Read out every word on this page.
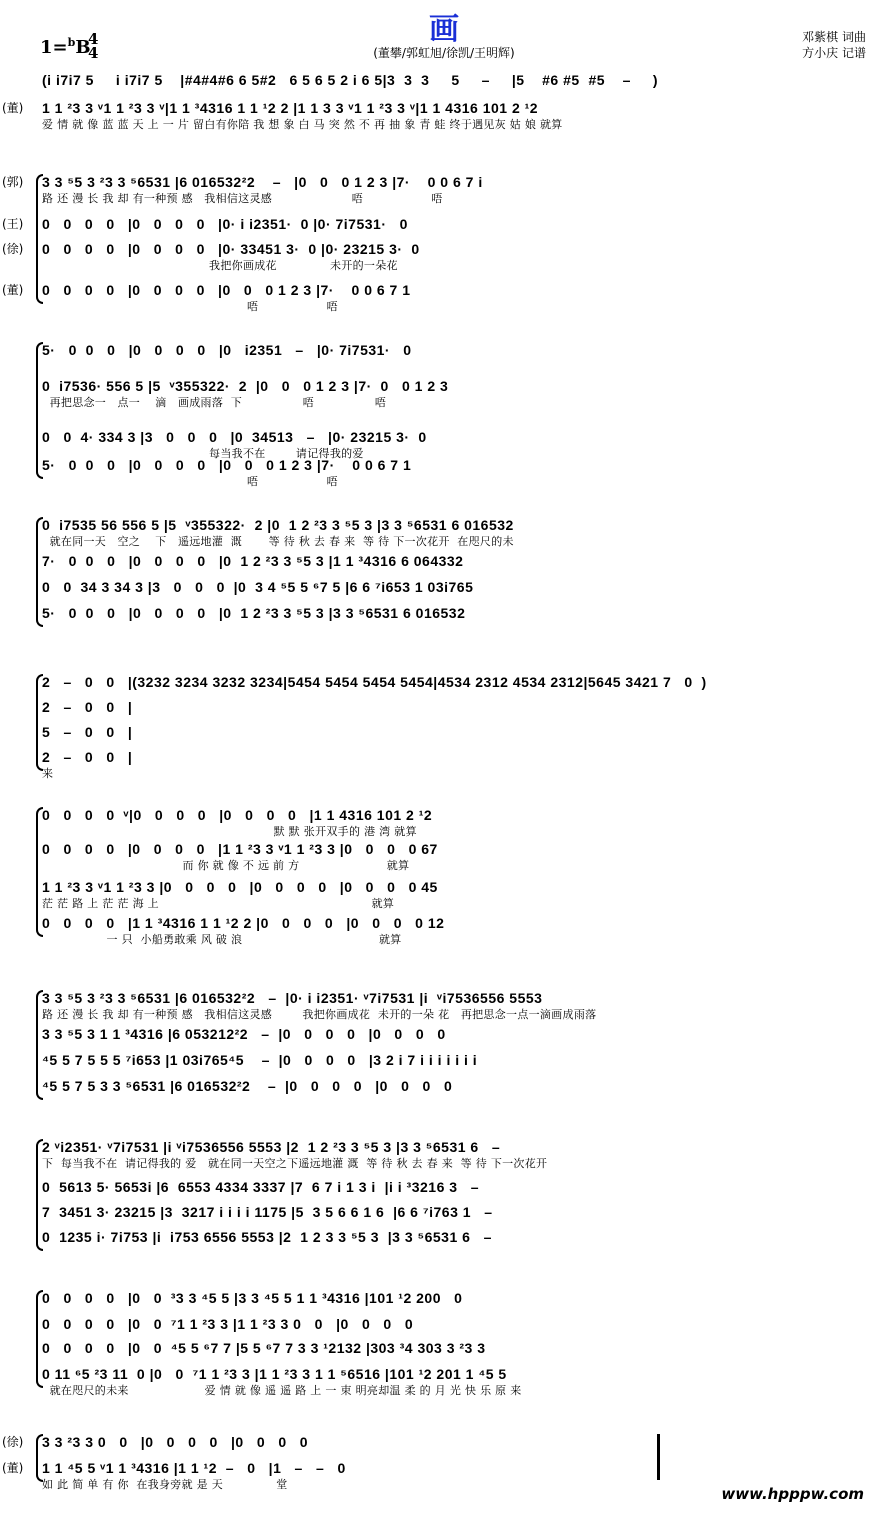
画
1=$^b$B
4
4	(董攀/郭虹旭/徐凯/王明辉)
邓紫棋 词曲
方小庆 记谱
(i i7i7 5     i i7i7 5    |#4#4#6 6 5#2   6 5 6 5 2 i 6 5|3  3  3     5     –     |5    #6 #5  #5    –     )
(董) 1 1 ²3 3 ᵛ1 1 ²3 3 ᵛ|1 1 ³4316 1 1 ¹2 2 |1 1 3 3 ᵛ1 1 ²3 3 ᵛ|1 1 4316 101 2 ¹2
爱 情 就 像 蓝 蓝 天 上 一 片 留白有你陪 我 想 象 白 马 突 然 不 再 抽 象 青 蛙 终于遇见灰 姑 娘 就算
(郭) 3 3 ⁵5 3 ²3 3 ⁵6531 |6 016532²2    –   |0   0   0 1 2 3 |7·    0 0 6 7 i
路 还 漫 长 我 却 有一种预 感   我相信这灵感                     唔                  唔
(王) 0   0   0   0   |0   0   0   0   |0· i i2351·  0 |0· 7i7531·   0
(徐) 0   0   0   0   |0   0   0   0   |0· 33451 3·  0 |0· 23215 3·  0
我把你画成花              未开的一朵花
(董) 0   0   0   0   |0   0   0   0   |0   0   0 1 2 3 |7·    0 0 6 7 1
唔                  唔
5·   0  0   0   |0   0   0   0   |0   i2351   –   |0· 7i7531·   0
0  i7536· 556 5 |5  ᵛ355322·  2  |0   0   0 1 2 3 |7·  0   0 1 2 3
再把思念一   点一    滴   画成雨落  下                唔                唔
0   0  4· 334 3 |3   0   0   0   |0  34513   –   |0· 23215 3·  0
每当我不在        请记得我的爱
5·   0  0   0   |0   0   0   0   |0   0   0 1 2 3 |7·    0 0 6 7 1
唔                  唔
0  i7535 56 556 5 |5  ᵛ355322·  2 |0  1 2 ²3 3 ⁵5 3 |3 3 ⁵6531 6 016532
就在同一天   空之    下   遥远地灌  溉       等 待 秋 去 春 来  等 待 下一次花开  在咫尺的未
7·   0  0   0   |0   0   0   0   |0  1 2 ²3 3 ⁵5 3 |1 1 ³4316 6 064332
0   0  34 3 34 3 |3   0   0   0  |0  3 4 ⁵5 5 ⁶7 5 |6 6 ⁷i653 1 03i765
5·   0  0   0   |0   0   0   0   |0  1 2 ²3 3 ⁵5 3 |3 3 ⁵6531 6 016532
2   –   0   0   |(3232 3234 3232 3234|5454 5454 5454 5454|4534 2312 4534 2312|5645 3421 7   0  )
2   –   0   0   |
5   –   0   0   |
2   –   0   0   |
来
0   0   0   0  ᵛ|0   0   0   0   |0   0   0   0   |1 1 4316 101 2 ¹2
默 默 张开双手的 港 湾 就算
0   0   0   0   |0   0   0   0   |1 1 ²3 3 ᵛ1 1 ²3 3 |0   0   0   0 67
而 你 就 像 不 远 前 方                       就算
1 1 ²3 3 ᵛ1 1 ²3 3 |0   0   0   0   |0   0   0   0   |0   0   0   0 45
茫 茫 路 上 茫 茫 海 上                                                        就算
0   0   0   0   |1 1 ³4316 1 1 ¹2 2 |0   0   0   0   |0   0   0   0 12
一 只  小船勇敢乘 风 破 浪                                    就算
3 3 ⁵5 3 ²3 3 ⁵6531 |6 016532²2   –  |0· i i2351· ᵛ7i7531 |i  ᵛi7536556 5553
路 还 漫 长 我 却 有一种预 感   我相信这灵感        我把你画成花  未开的一朵 花   再把思念一点一滴画成雨落
3 3 ⁵5 3 1 1 ³4316 |6 053212²2   –  |0   0   0   0   |0   0   0   0
⁴5 5 7 5 5 5 ⁷i653 |1 03i765⁴5    –  |0   0   0   0   |3 2 i 7 i i i i i i i
⁴5 5 7 5 3 3 ⁵6531 |6 016532²2    –  |0   0   0   0   |0   0   0   0
2 ᵛi2351· ᵛ7i7531 |i ᵛi7536556 5553 |2  1 2 ²3 3 ⁵5 3 |3 3 ⁵6531 6   –
下  每当我不在  请记得我的 爱   就在同一天空之下遥远地灌 溉  等 待 秋 去 春 来  等 待 下一次花开
0  5613 5· 5653i |6  6553 4334 3337 |7  6 7 i 1 3 i  |i i ³3216 3   –
7  3451 3· 23215 |3  3217 i i i i 1175 |5  3 5 6 6 1 6  |6 6 ⁷i763 1   –
0  1235 i· 7i753 |i  i753 6556 5553 |2  1 2 3 3 ⁵5 3  |3 3 ⁵6531 6   –
0   0   0   0   |0   0  ³3 3 ⁴5 5 |3 3 ⁴5 5 1 1 ³4316 |101 ¹2 200   0
0   0   0   0   |0   0  ⁷1 1 ²3 3 |1 1 ²3 3 0   0   |0   0   0   0
0   0   0   0   |0   0  ⁴5 5 ⁶7 7 |5 5 ⁶7 7 3 3 ¹2132 |303 ³4 303 3 ²3 3
0 11 ⁶5 ²3 11  0 |0   0  ⁷1 1 ²3 3 |1 1 ²3 3 1 1 ⁵6516 |101 ¹2 201 1 ⁴5 5
就在咫尺的未来                    爱 情 就 像 遥 遥 路 上 一 束 明亮却温 柔 的 月 光 快 乐 原 来
(徐) 3 3 ²3 3 0   0   |0   0   0   0   |0   0   0   0
(董) 1 1 ⁴5 5 ᵛ1 1 ³4316 |1 1 ¹2  –   0   |1   –   –   0
如 此 简 单 有 你  在我身旁就 是 天              堂
www.hpppw.com
